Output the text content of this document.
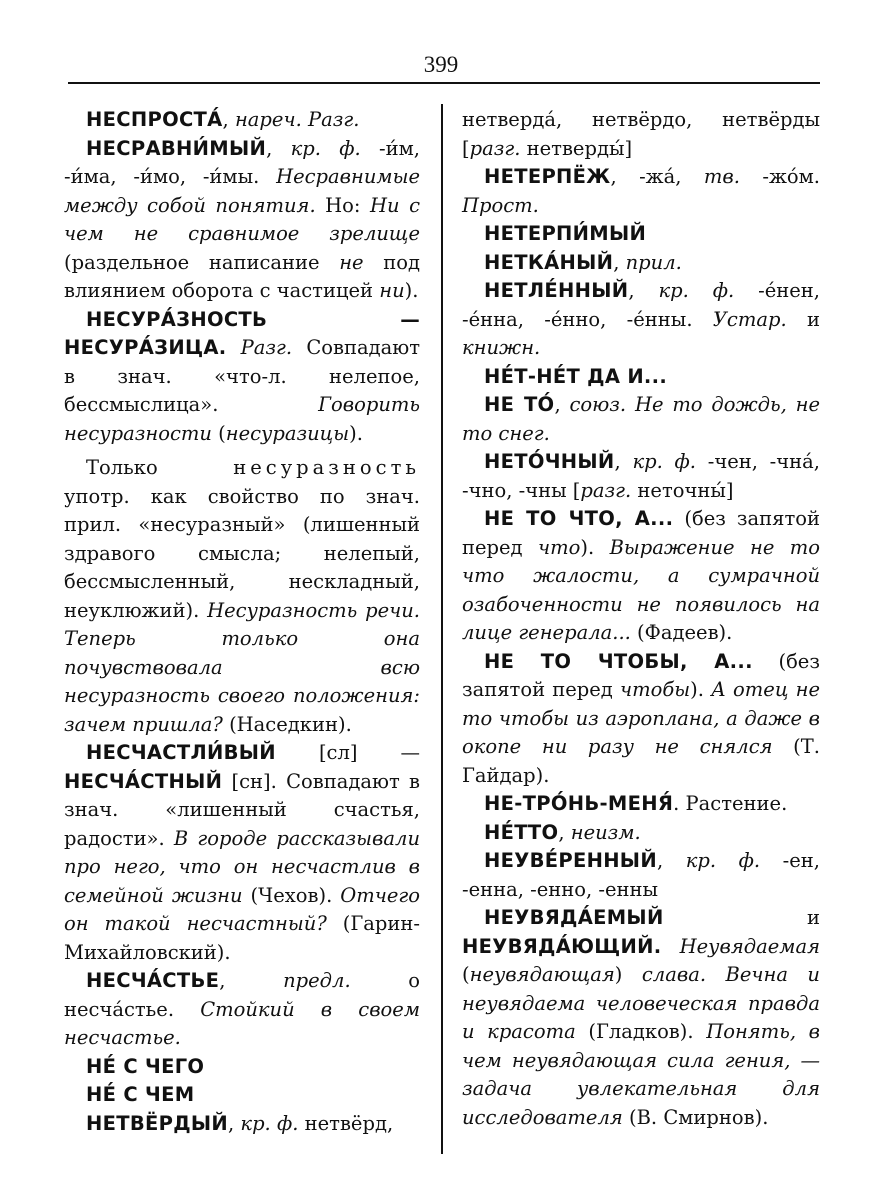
399

НЕСПРОСТА́, нареч. Разг.

НЕСРАВНИ́МЫЙ, кр. ф. -и́м, -и́ма, -и́мо, -и́мы. Несравнимые между собой понятия. Но: Ни с чем не сравнимое зрелище (раздельное написание не под влиянием оборота с частицей ни).

НЕСУРА́ЗНОСТЬ — НЕСУРА́ЗИЦА. Разг. Совпадают в знач. «что-л. нелепое, бессмыслица». Говорить несуразности (несуразицы).

Только несуразность употр. как свойство по знач. прил. «несуразный» (лишенный здравого смысла; нелепый, бессмысленный, нескладный, неуклюжий). Несуразность речи. Теперь только она почувствовала всю несуразность своего положения: зачем пришла? (Наседкин).

НЕСЧАСТЛИ́ВЫЙ [сл] — НЕСЧА́СТНЫЙ [сн]. Совпадают в знач. «лишенный счастья, радости». В городе рассказывали про него, что он несчастлив в семейной жизни (Чехов). Отчего он такой несчастный? (Гарин-Михайловский).

НЕСЧА́СТЬЕ, предл. о несча́стье. Стойкий в своем несчастье.

НЕ́ С ЧЕГО

НЕ́ С ЧЕМ

НЕТВЁРДЫЙ, кр. ф. нетвёрд,

нетверда́, нетвёрдо, нетвёрды [разг. нетверды́]

НЕТЕРПЁЖ, -жа́, тв. -жо́м. Прост.

НЕТЕРПИ́МЫЙ

НЕТКА́НЫЙ, прил.

НЕТЛЕ́ННЫЙ, кр. ф. -е́нен, -е́нна, -е́нно, -е́нны. Устар. и книжн.

НЕ́Т-НЕ́Т ДА И...

НЕ ТО́, союз. Не то дождь, не то снег.

НЕТО́ЧНЫЙ, кр. ф. -чен, -чна́, -чно, -чны [разг. неточны́]

НЕ ТО ЧТО, А... (без запятой перед что). Выражение не то что жалости, а сумрачной озабоченности не появилось на лице генерала... (Фадеев).

НЕ ТО ЧТОБЫ, А... (без запятой перед чтобы). А отец не то чтобы из аэроплана, а даже в окопе ни разу не снялся (Т. Гайдар).

НЕ-ТРО́НЬ-МЕНЯ́. Растение.

НЕ́ТТО, неизм.

НЕУВЕ́РЕННЫЙ, кр. ф. -ен, -енна, -енно, -енны

НЕУВЯДА́ЕМЫЙ и НЕУВЯДА́ЮЩИЙ. Неувядаемая (неувядающая) слава. Вечна и неувядаема человеческая правда и красота (Гладков). Понять, в чем неувядающая сила гения, — задача увлекательная для исследователя (В. Смирнов).
